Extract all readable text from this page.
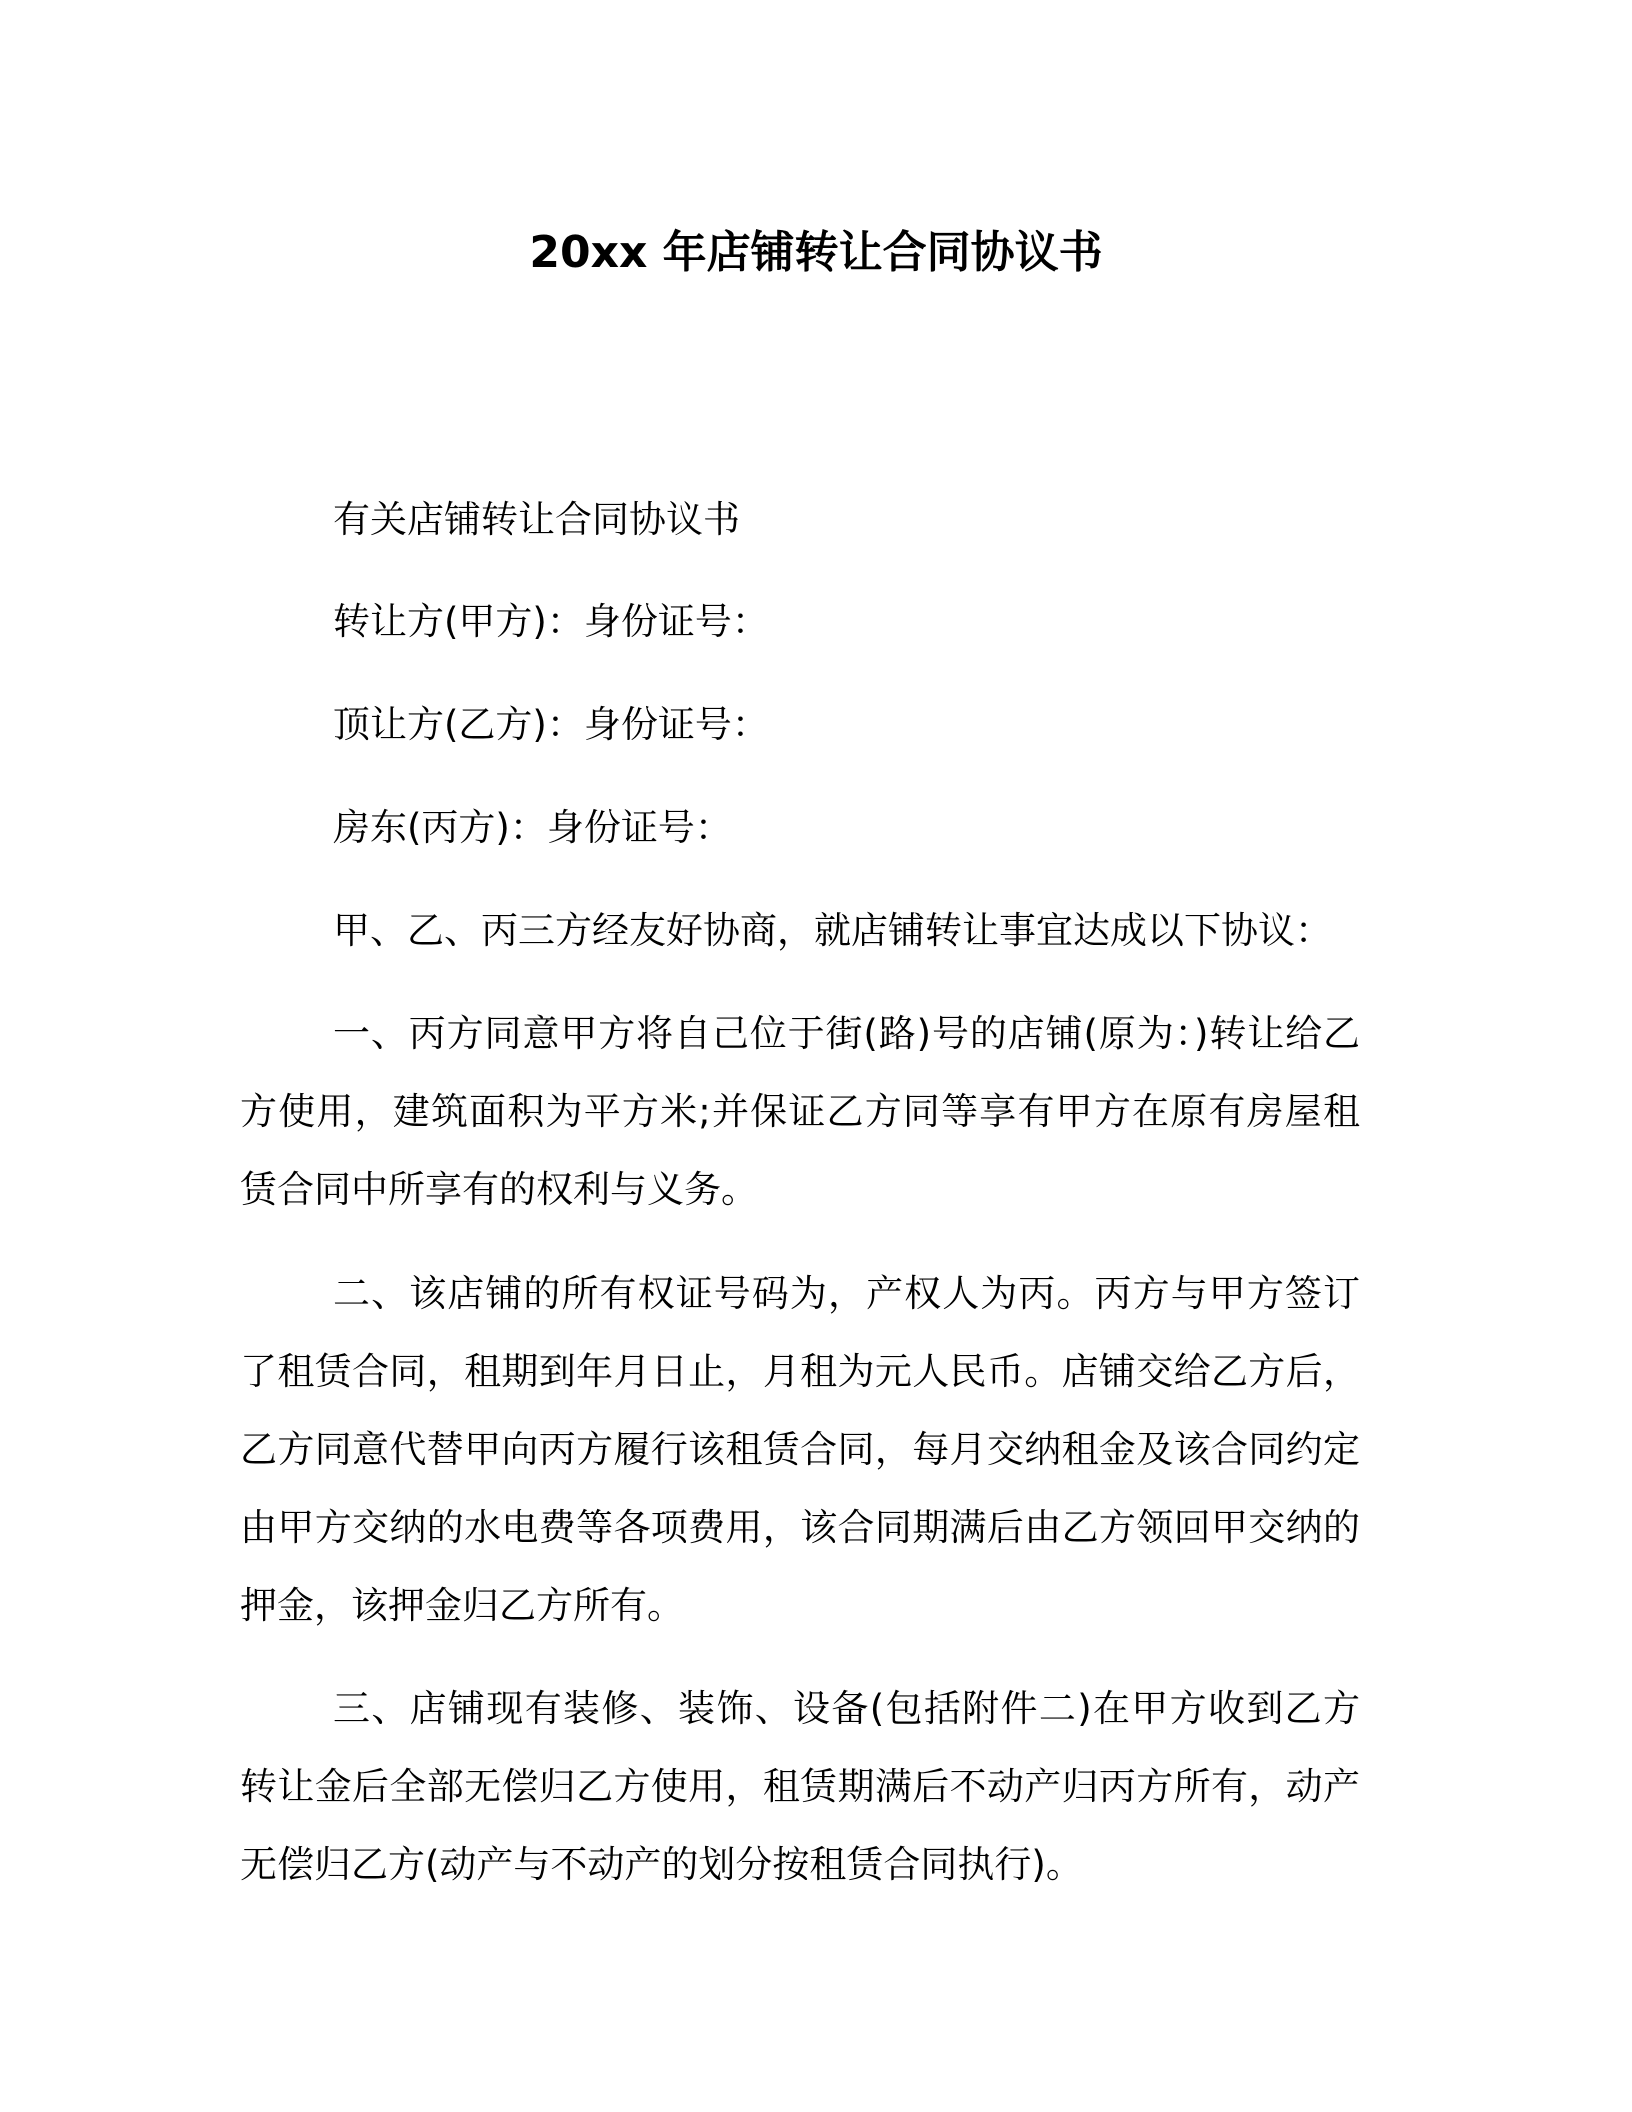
20xx 年店铺转让合同协议书
有关店铺转让合同协议书
转让方(甲方)：身份证号：
顶让方(乙方)：身份证号：
房东(丙方)：身份证号：
甲、乙、丙三方经友好协商，就店铺转让事宜达成以下协议：
一、丙方同意甲方将自己位于街(路)号的店铺(原为：)转让给乙方使用，建筑面积为平方米;并保证乙方同等享有甲方在原有房屋租赁合同中所享有的权利与义务。
二、该店铺的所有权证号码为，产权人为丙。丙方与甲方签订了租赁合同，租期到年月日止，月租为元人民币。店铺交给乙方后，乙方同意代替甲向丙方履行该租赁合同，每月交纳租金及该合同约定由甲方交纳的水电费等各项费用，该合同期满后由乙方领回甲交纳的押金，该押金归乙方所有。
三、店铺现有装修、装饰、设备(包括附件二)在甲方收到乙方转让金后全部无偿归乙方使用，租赁期满后不动产归丙方所有，动产无偿归乙方(动产与不动产的划分按租赁合同执行)。
